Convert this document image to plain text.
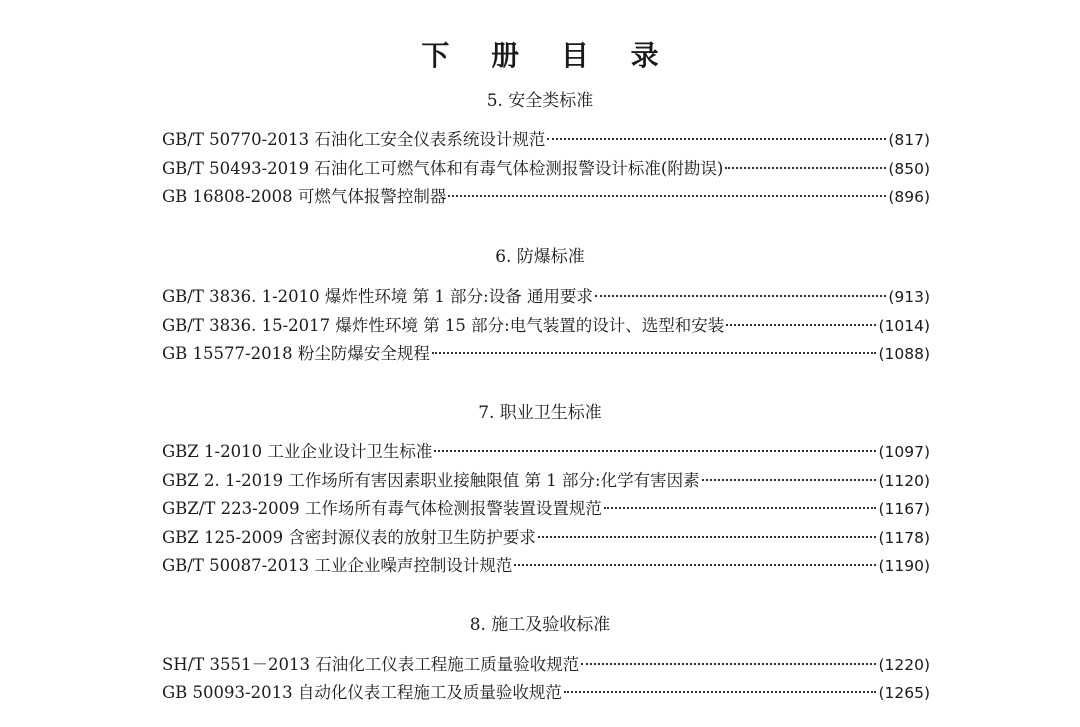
下 册 目 录
5. 安全类标准
GB/T 50770-2013 石油化工安全仪表系统设计规范	(817)
GB/T 50493-2019 石油化工可燃气体和有毒气体检测报警设计标准(附勘误)	(850)
GB 16808-2008 可燃气体报警控制器	(896)
6. 防爆标准
GB/T 3836. 1-2010 爆炸性环境 第 1 部分:设备 通用要求	(913)
GB/T 3836. 15-2017 爆炸性环境 第 15 部分:电气装置的设计、选型和安装	(1014)
GB 15577-2018 粉尘防爆安全规程	(1088)
7. 职业卫生标准
GBZ 1-2010 工业企业设计卫生标准	(1097)
GBZ 2. 1-2019 工作场所有害因素职业接触限值 第 1 部分:化学有害因素	(1120)
GBZ/T 223-2009 工作场所有毒气体检测报警装置设置规范	(1167)
GBZ 125-2009 含密封源仪表的放射卫生防护要求	(1178)
GB/T 50087-2013 工业企业噪声控制设计规范	(1190)
8. 施工及验收标准
SH/T 3551－2013 石油化工仪表工程施工质量验收规范	(1220)
GB 50093-2013 自动化仪表工程施工及质量验收规范	(1265)
